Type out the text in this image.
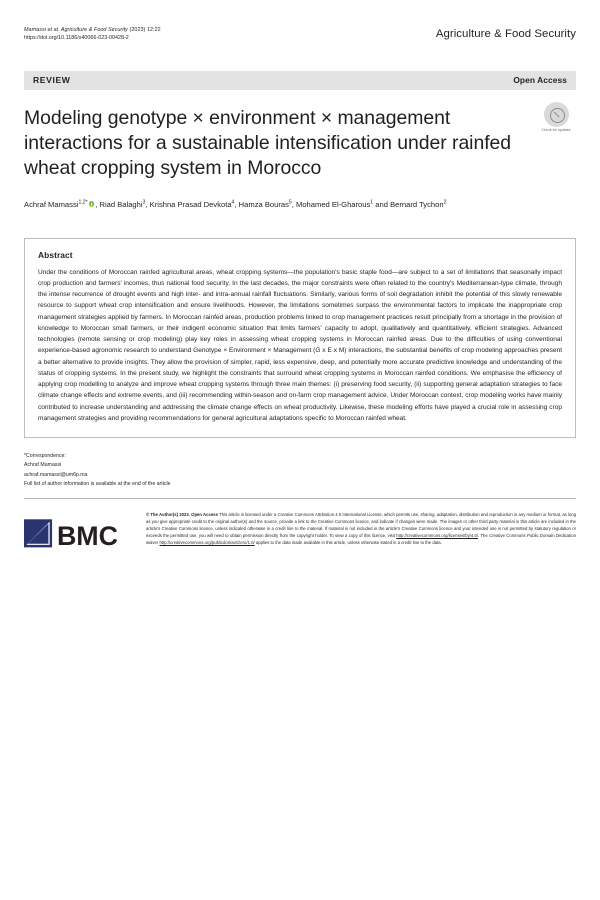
Mamassi et al. Agriculture & Food Security (2023) 12:22
https://doi.org/10.1186/s40066-023-00428-2	Agriculture & Food Security
REVIEW	Open Access
Modeling genotype × environment × management interactions for a sustainable intensification under rainfed wheat cropping system in Morocco
Check for updates
Achraf Mamassi$^{1,2*}$ , Riad Balaghi$^3$, Krishna Prasad Devkota$^4$, Hamza Bouras$^5$, Mohamed El‑Gharous$^1$ and Bernard Tychon$^2$
Abstract

Under the conditions of Moroccan rainfed agricultural areas, wheat cropping systems—the population's basic staple food—are subject to a set of limitations that seasonally impact crop production and farmers' incomes, thus national food security. In the last decades, the major constraints were often related to the country's Mediterranean-type climate, through the intense recurrence of drought events and high inter- and intra-annual rainfall fluctuations. Similarly, various forms of soil degradation inhibit the potential of this slowly renewable resource to support wheat crop intensification and ensure livelihoods. However, the limitations sometimes surpass the environmental factors to implicate the inappropriate crop management strategies applied by farmers. In Moroccan rainfed areas, production problems linked to crop management practices result principally from a shortage in the provision of knowledge to Moroccan small farmers, or their indigent economic situation that limits farmers' capacity to adopt, qualitatively and quantitatively, efficient strategies. Advanced technologies (remote sensing or crop modeling) play key roles in assessing wheat cropping systems in Moroccan rainfed areas. Due to the difficulties of using conventional experience-based agronomic research to understand Genotype × Environment × Management (G x E x M) interactions, the substantial benefits of crop modeling approaches present a better alternative to provide insights. They allow the provision of simpler, rapid, less expensive, deep, and potentially more accurate predictive knowledge and understanding of the status of cropping systems. In the present study, we highlight the constraints that surround wheat cropping systems in Moroccan rainfed conditions. We emphasise the efficiency of applying crop modelling to analyze and improve wheat cropping systems through three main themes: (i) preserving food security, (ii) supporting general adaptation strategies to face climate change effects and extreme events, and (iii) recommending within-season and on-farm crop management advice. Under Moroccan context, crop modeling works have mainly contributed to increase understanding and addressing the climate change effects on wheat productivity. Likewise, these modeling efforts have played a crucial role in assessing crop management strategies and providing recommendations for general agricultural adaptations specific to Moroccan rainfed wheat.

*Correspondence:
Achraf Mamassi
achraf.mamassi@um6p.ma
Full list of author information is available at the end of the article
BMC
© The Author(s) 2023. Open Access This article is licensed under a Creative Commons Attribution 4.0 International License, which permits use, sharing, adaptation, distribution and reproduction in any medium or format, as long as you give appropriate credit to the original author(s) and the source, provide a link to the Creative Commons licence, and indicate if changes were made. The images or other third party material in this article are included in the article's Creative Commons licence, unless indicated otherwise in a credit line to the material. If material is not included in the article's Creative Commons licence and your intended use is not permitted by statutory regulation or exceeds the permitted use, you will need to obtain permission directly from the copyright holder. To view a copy of this licence, visit http://creativecommons.org/licenses/by/4.0/. The Creative Commons Public Domain Dedication waiver http://creativecommons.org/publicdomain/zero/1.0/ applies to the data made available in this article, unless otherwise stated in a credit line to the data.
